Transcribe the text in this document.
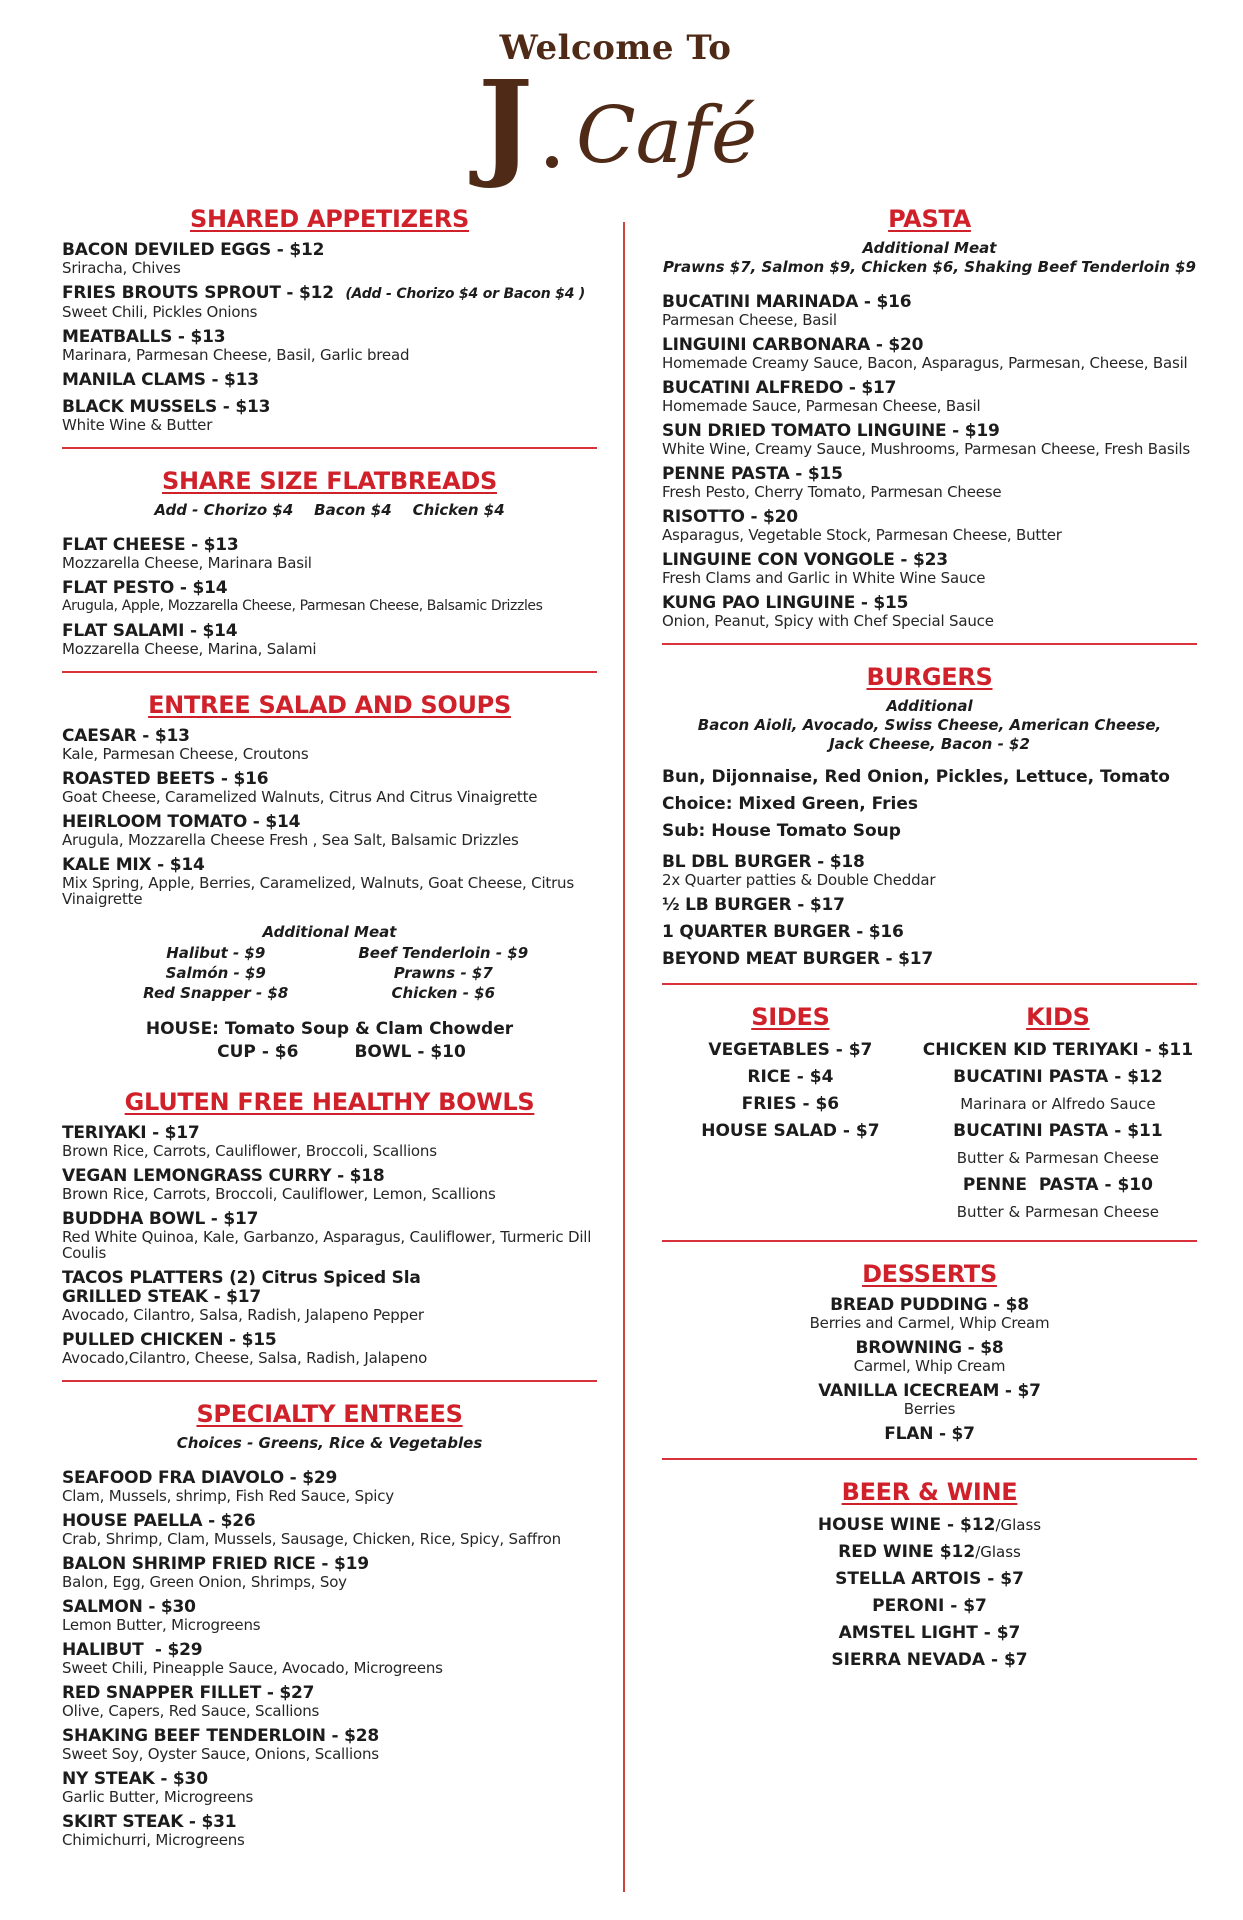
Welcome To
J Café
SHARED APPETIZERS
BACON DEVILED EGGS - $12
Sriracha, Chives
FRIES BROUTS SPROUT - $12 (Add - Chorizo $4 or Bacon $4 )
Sweet Chili, Pickles Onions
MEATBALLS - $13
Marinara, Parmesan Cheese, Basil, Garlic bread
MANILA CLAMS - $13
BLACK MUSSELS - $13
White Wine & Butter
SHARE SIZE FLATBREADS
Add - Chorizo $4    Bacon $4    Chicken $4
FLAT CHEESE - $13
Mozzarella Cheese, Marinara Basil
FLAT PESTO - $14
Arugula, Apple, Mozzarella Cheese, Parmesan Cheese, Balsamic Drizzles
FLAT SALAMI - $14
Mozzarella Cheese, Marina, Salami
ENTREE SALAD AND SOUPS
CAESAR - $13
Kale, Parmesan Cheese, Croutons
ROASTED BEETS - $16
Goat Cheese, Caramelized Walnuts, Citrus And Citrus Vinaigrette
HEIRLOOM TOMATO - $14
Arugula, Mozzarella Cheese Fresh , Sea Salt, Balsamic Drizzles
KALE MIX - $14
Mix Spring, Apple, Berries, Caramelized, Walnuts, Goat Cheese, Citrus Vinaigrette
Additional Meat
Halibut - $9	Beef Tenderloin - $9
Salmón - $9	Prawns - $7
Red Snapper - $8	Chicken - $6
HOUSE: Tomato Soup & Clam Chowder
CUP - $6	BOWL - $10
GLUTEN FREE HEALTHY BOWLS
TERIYAKI - $17
Brown Rice, Carrots, Cauliflower, Broccoli, Scallions
VEGAN LEMONGRASS CURRY - $18
Brown Rice, Carrots, Broccoli, Cauliflower, Lemon, Scallions
BUDDHA BOWL - $17
Red White Quinoa, Kale, Garbanzo, Asparagus, Cauliflower, Turmeric Dill Coulis
TACOS PLATTERS (2) Citrus Spiced Sla
GRILLED STEAK - $17
Avocado, Cilantro, Salsa, Radish, Jalapeno Pepper
PULLED CHICKEN - $15
Avocado,Cilantro, Cheese, Salsa, Radish, Jalapeno
SPECIALTY ENTREES
Choices - Greens, Rice & Vegetables
SEAFOOD FRA DIAVOLO - $29
Clam, Mussels, shrimp, Fish Red Sauce, Spicy
HOUSE PAELLA - $26
Crab, Shrimp, Clam, Mussels, Sausage, Chicken, Rice, Spicy, Saffron
BALON SHRIMP FRIED RICE - $19
Balon, Egg, Green Onion, Shrimps, Soy
SALMON - $30
Lemon Butter, Microgreens
HALIBUT  - $29
Sweet Chili, Pineapple Sauce, Avocado, Microgreens
RED SNAPPER FILLET - $27
Olive, Capers, Red Sauce, Scallions
SHAKING BEEF TENDERLOIN - $28
Sweet Soy, Oyster Sauce, Onions, Scallions
NY STEAK - $30
Garlic Butter, Microgreens
SKIRT STEAK - $31
Chimichurri, Microgreens
PASTA
Additional Meat
Prawns $7, Salmon $9, Chicken $6, Shaking Beef Tenderloin $9
BUCATINI MARINADA - $16
Parmesan Cheese, Basil
LINGUINI CARBONARA - $20
Homemade Creamy Sauce, Bacon, Asparagus, Parmesan, Cheese, Basil
BUCATINI ALFREDO - $17
Homemade Sauce, Parmesan Cheese, Basil
SUN DRIED TOMATO LINGUINE - $19
White Wine, Creamy Sauce, Mushrooms, Parmesan Cheese, Fresh Basils
PENNE PASTA - $15
Fresh Pesto, Cherry Tomato, Parmesan Cheese
RISOTTO - $20
Asparagus, Vegetable Stock, Parmesan Cheese, Butter
LINGUINE CON VONGOLE - $23
Fresh Clams and Garlic in White Wine Sauce
KUNG PAO LINGUINE - $15
Onion, Peanut, Spicy with Chef Special Sauce
BURGERS
Additional
Bacon Aioli, Avocado, Swiss Cheese, American Cheese,
Jack Cheese, Bacon - $2
Bun, Dijonnaise, Red Onion, Pickles, Lettuce, Tomato
Choice: Mixed Green, Fries
Sub: House Tomato Soup
BL DBL BURGER - $18
2x Quarter patties & Double Cheddar
½ LB BURGER - $17
1 QUARTER BURGER - $16
BEYOND MEAT BURGER - $17
SIDES
VEGETABLES - $7
RICE - $4
FRIES - $6
HOUSE SALAD - $7
KIDS
CHICKEN KID TERIYAKI - $11
BUCATINI PASTA - $12
Marinara or Alfredo Sauce
BUCATINI PASTA - $11
Butter & Parmesan Cheese
PENNE  PASTA - $10
Butter & Parmesan Cheese
DESSERTS
BREAD PUDDING - $8
Berries and Carmel, Whip Cream
BROWNING - $8
Carmel, Whip Cream
VANILLA ICECREAM - $7
Berries
FLAN - $7
BEER & WINE
HOUSE WINE - $12/Glass
RED WINE $12/Glass
STELLA ARTOIS - $7
PERONI - $7
AMSTEL LIGHT - $7
SIERRA NEVADA - $7
